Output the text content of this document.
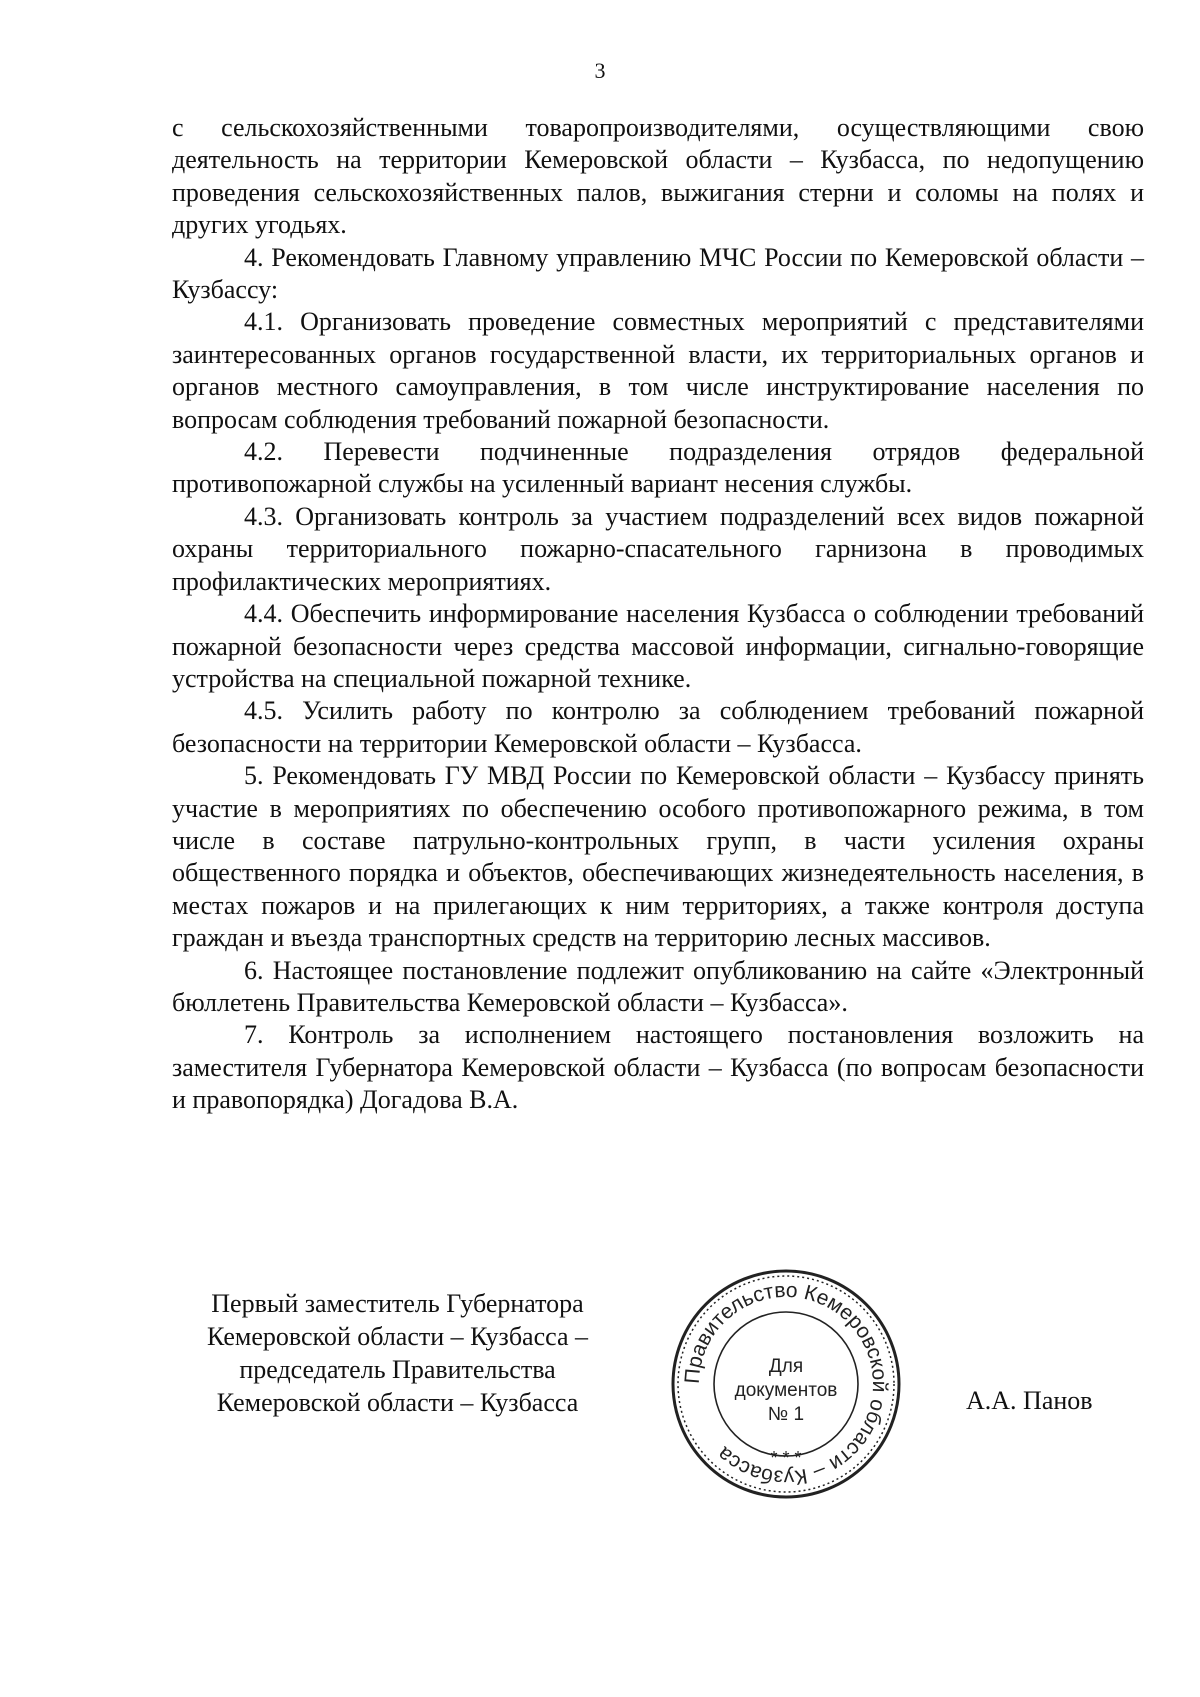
3

с сельскохозяйственными товаропроизводителями, осуществляющими свою деятельность на территории Кемеровской области – Кузбасса, по недопущению проведения сельскохозяйственных палов, выжигания стерни и соломы на полях и других угодьях.

4. Рекомендовать Главному управлению МЧС России по Кемеровской области – Кузбассу:

4.1. Организовать проведение совместных мероприятий с представителями заинтересованных органов государственной власти, их территориальных органов и органов местного самоуправления, в том числе инструктирование населения по вопросам соблюдения требований пожарной безопасности.

4.2. Перевести подчиненные подразделения отрядов федеральной противопожарной службы на усиленный вариант несения службы.

4.3. Организовать контроль за участием подразделений всех видов пожарной охраны территориального пожарно-спасательного гарнизона в проводимых профилактических мероприятиях.

4.4. Обеспечить информирование населения Кузбасса о соблюдении требований пожарной безопасности через средства массовой информации, сигнально-говорящие устройства на специальной пожарной технике.

4.5. Усилить работу по контролю за соблюдением требований пожарной безопасности на территории Кемеровской области – Кузбасса.

5. Рекомендовать ГУ МВД России по Кемеровской области – Кузбассу принять участие в мероприятиях по обеспечению особого противопожарного режима, в том числе в составе патрульно-контрольных групп, в части усиления охраны общественного порядка и объектов, обеспечивающих жизнедеятельность населения, в местах пожаров и на прилегающих к ним территориях, а также контроля доступа граждан и въезда транспортных средств на территорию лесных массивов.

6. Настоящее постановление подлежит опубликованию на сайте «Электронный бюллетень Правительства Кемеровской области – Кузбасса».

7. Контроль за исполнением настоящего постановления возложить на заместителя Губернатора Кемеровской области – Кузбасса (по вопросам безопасности и правопорядка) Догадова В.А.

Первый заместитель Губернатора
Кемеровской области – Кузбасса –
председатель Правительства
Кемеровской области – Кузбасса
Правительство Кемеровской области – Кузбасса	* * *
Для
документов
№ 1	А.А. Панов
